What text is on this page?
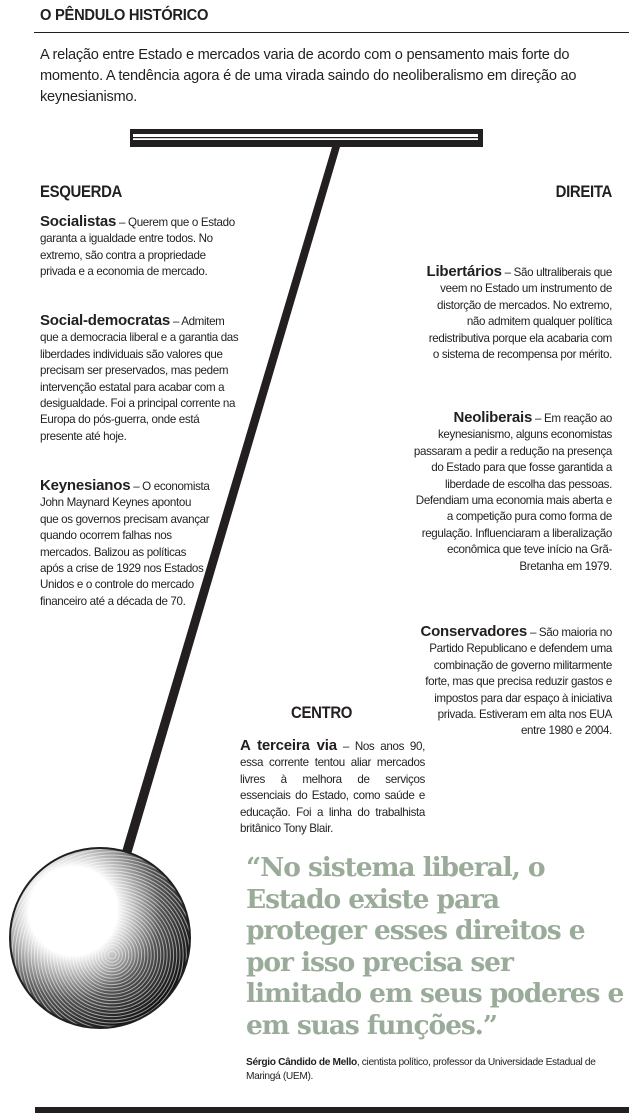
O PÊNDULO HISTÓRICO
A relação entre Estado e mercados varia de acordo com o pensamento mais forte do momento. A tendência agora é de uma virada saindo do neoliberalismo em direção ao keynesianismo.
ESQUERDA	DIREITA
CENTRO
Socialistas – Querem que o Estado garanta a igualdade entre todos. No extremo, são contra a propriedade privada e a economia de mercado.
Social-democratas – Admitem que a democracia liberal e a garantia das liberdades individuais são valores que precisam ser preservados, mas pedem intervenção estatal para acabar com a desigualdade. Foi a principal corrente na Europa do pós-guerra, onde está presente até hoje.
Keynesianos – O economista John Maynard Keynes apontou que os governos precisam avançar quando ocorrem falhas nos mercados. Balizou as políticas após a crise de 1929 nos Estados Unidos e o controle do mercado financeiro até a década de 70.
Libertários – São ultraliberais que veem no Estado um instrumento de distorção de mercados. No extremo, não admitem qualquer política redistributiva porque ela acabaria com o sistema de recompensa por mérito.
Neoliberais – Em reação ao keynesianismo, alguns economistas passaram a pedir a redução na presença do Estado para que fosse garantida a liberdade de escolha das pessoas. Defendiam uma economia mais aberta e a competição pura como forma de regulação. Influenciaram a liberalização econômica que teve início na Grã-Bretanha em 1979.
Conservadores – São maioria no Partido Republicano e defendem uma combinação de governo militarmente forte, mas que precisa reduzir gastos e impostos para dar espaço à iniciativa privada. Estiveram em alta nos EUA entre 1980 e 2004.
A terceira via – Nos anos 90, essa corrente tentou aliar mercados livres à melhora de serviços essenciais do Estado, como saúde e educação. Foi a linha do trabalhista britânico Tony Blair.
“No sistema liberal, o
Estado existe para
proteger esses direitos e
por isso precisa ser
limitado em seus poderes e
em suas funções.”
Sérgio Cândido de Mello, cientista político, professor da Universidade Estadual de Maringá (UEM).
